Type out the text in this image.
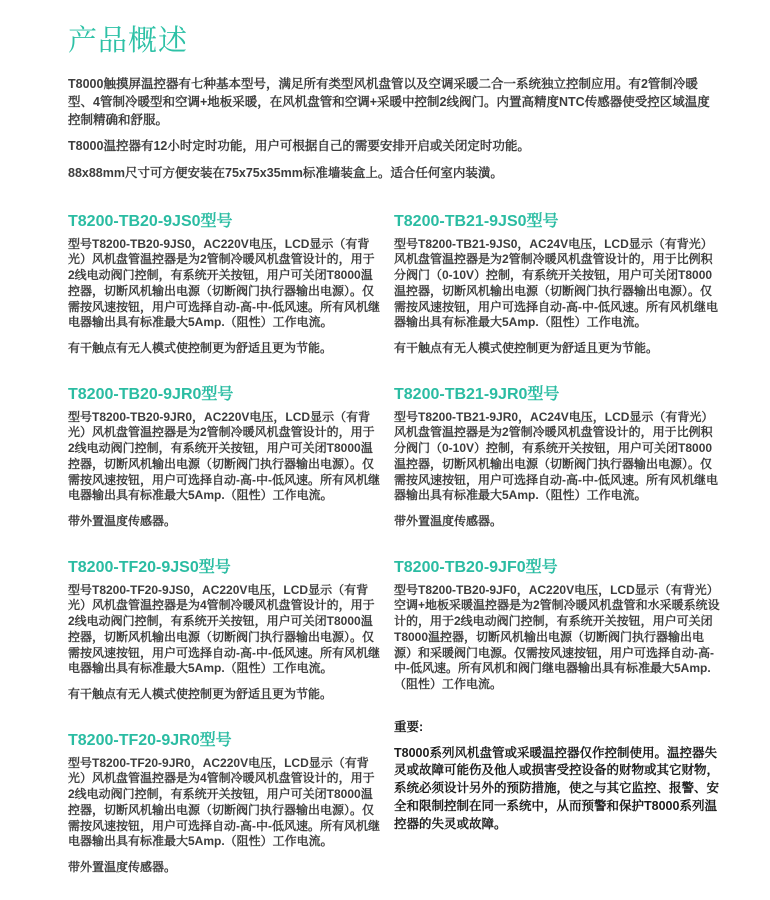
产品概述

T8000触摸屏温控器有七种基本型号，满足所有类型风机盘管以及空调采暖二合一系统独立控制应用。有2管制冷暖型、4管制冷暖型和空调+地板采暖，在风机盘管和空调+采暖中控制2线阀门。内置高精度NTC传感器使受控区域温度控制精确和舒服。

T8000温控器有12小时定时功能，用户可根据自己的需要安排开启或关闭定时功能。

88x88mm尺寸可方便安装在75x75x35mm标准墙装盒上。适合任何室内装潢。

T8200-TB20-9JS0型号

型号T8200-TB20-9JS0，AC220V电压，LCD显示（有背光）风机盘管温控器是为2管制冷暖风机盘管设计的，用于2线电动阀门控制，有系统开关按钮，用户可关闭T8000温控器，切断风机输出电源（切断阀门执行器输出电源）。仅需按风速按钮，用户可选择自动-高-中-低风速。所有风机继电器输出具有标准最大5Amp.（阻性）工作电流。

有干触点有无人模式使控制更为舒适且更为节能。

T8200-TB20-9JR0型号

型号T8200-TB20-9JR0，AC220V电压，LCD显示（有背光）风机盘管温控器是为2管制冷暖风机盘管设计的，用于2线电动阀门控制，有系统开关按钮，用户可关闭T8000温控器，切断风机输出电源（切断阀门执行器输出电源）。仅需按风速按钮，用户可选择自动-高-中-低风速。所有风机继电器输出具有标准最大5Amp.（阻性）工作电流。

带外置温度传感器。

T8200-TF20-9JS0型号

型号T8200-TF20-9JS0，AC220V电压，LCD显示（有背光）风机盘管温控器是为4管制冷暖风机盘管设计的，用于2线电动阀门控制，有系统开关按钮，用户可关闭T8000温控器，切断风机输出电源（切断阀门执行器输出电源）。仅需按风速按钮，用户可选择自动-高-中-低风速。所有风机继电器输出具有标准最大5Amp.（阻性）工作电流。

有干触点有无人模式使控制更为舒适且更为节能。

T8200-TF20-9JR0型号

型号T8200-TF20-9JR0，AC220V电压，LCD显示（有背光）风机盘管温控器是为4管制冷暖风机盘管设计的，用于2线电动阀门控制，有系统开关按钮，用户可关闭T8000温控器，切断风机输出电源（切断阀门执行器输出电源）。仅需按风速按钮，用户可选择自动-高-中-低风速。所有风机继电器输出具有标准最大5Amp.（阻性）工作电流。

带外置温度传感器。

T8200-TB21-9JS0型号

型号T8200-TB21-9JS0，AC24V电压，LCD显示（有背光）风机盘管温控器是为2管制冷暖风机盘管设计的，用于比例积分阀门（0-10V）控制，有系统开关按钮，用户可关闭T8000温控器，切断风机输出电源（切断阀门执行器输出电源）。仅需按风速按钮，用户可选择自动-高-中-低风速。所有风机继电器输出具有标准最大5Amp.（阻性）工作电流。

有干触点有无人模式使控制更为舒适且更为节能。

T8200-TB21-9JR0型号

型号T8200-TB21-9JR0，AC24V电压，LCD显示（有背光）风机盘管温控器是为2管制冷暖风机盘管设计的，用于比例积分阀门（0-10V）控制，有系统开关按钮，用户可关闭T8000温控器，切断风机输出电源（切断阀门执行器输出电源）。仅需按风速按钮，用户可选择自动-高-中-低风速。所有风机继电器输出具有标准最大5Amp.（阻性）工作电流。

带外置温度传感器。

T8200-TB20-9JF0型号

型号T8200-TB20-9JF0，AC220V电压，LCD显示（有背光）空调+地板采暖温控器是为2管制冷暖风机盘管和水采暖系统设计的，用于2线电动阀门控制，有系统开关按钮，用户可关闭T8000温控器，切断风机输出电源（切断阀门执行器输出电源）和采暖阀门电源。仅需按风速按钮，用户可选择自动-高-中-低风速。所有风机和阀门继电器输出具有标准最大5Amp.（阻性）工作电流。

重要:

T8000系列风机盘管或采暖温控器仅作控制使用。温控器失灵或故障可能伤及他人或损害受控设备的财物或其它财物，系统必须设计另外的预防措施，使之与其它监控、报警、安全和限制控制在同一系统中，从而预警和保护T8000系列温控器的失灵或故障。
